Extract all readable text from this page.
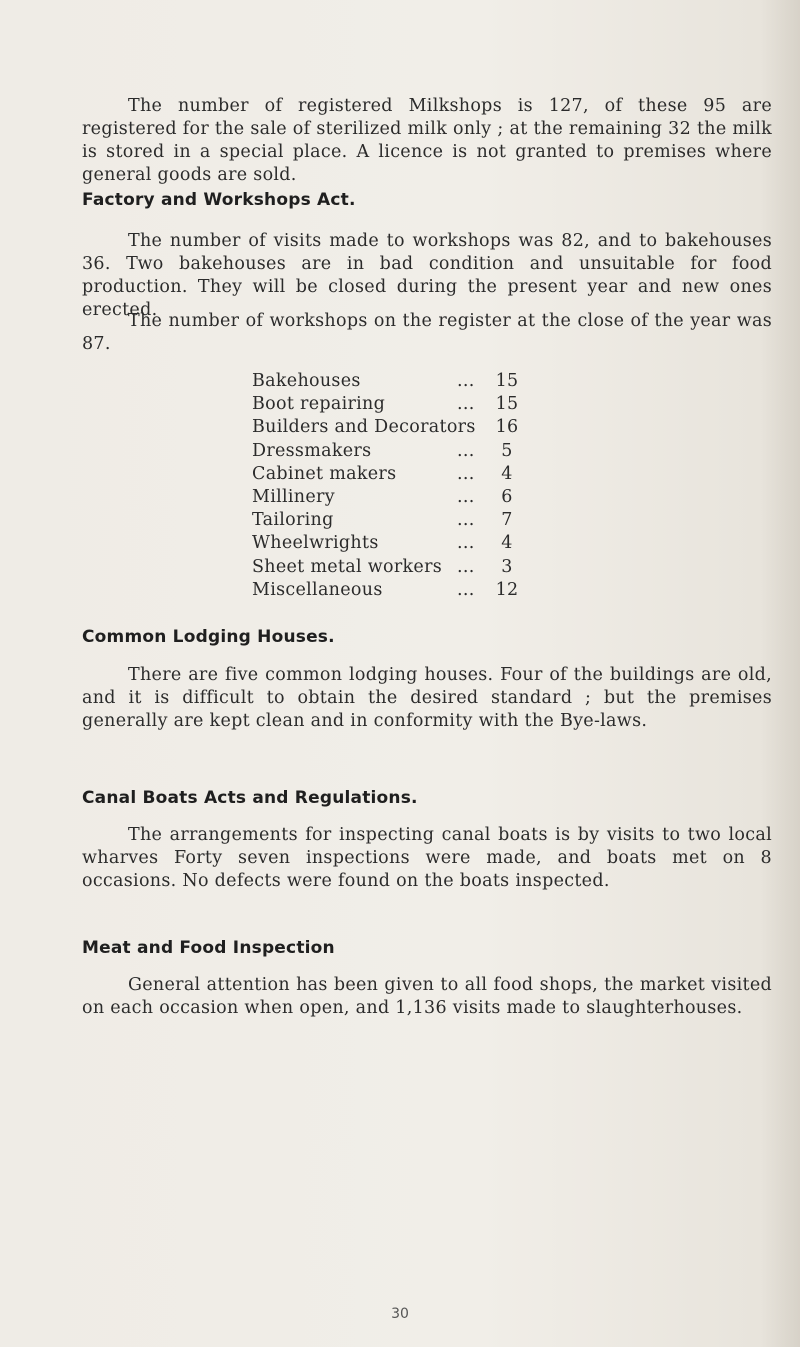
The number of registered Milkshops is 127, of these 95 are registered for the sale of sterilized milk only ; at the remaining 32 the milk is stored in a special place. A licence is not granted to premises where general goods are sold.

Factory and Workshops Act.

The number of visits made to workshops was 82, and to bakehouses 36. Two bakehouses are in bad condition and unsuitable for food production. They will be closed during the present year and new ones erected.

The number of workshops on the register at the close of the year was 87.

Bakehouses	... 15
Boot repairing	... 15
Builders and Decorators 16
Dressmakers	...	5
Cabinet makers	...	4
Millinery	...	6
Tailoring	...	7
Wheelwrights	...	4
Sheet metal workers ...	3
Miscellaneous	... 12
Common Lodging Houses.

There are five common lodging houses. Four of the buildings are old, and it is difficult to obtain the desired standard ; but the premises generally are kept clean and in conformity with the Bye-laws.

Canal Boats Acts and Regulations.

The arrangements for inspecting canal boats is by visits to two local wharves Forty seven inspections were made, and boats met on 8 occasions. No defects were found on the boats inspected.

Meat and Food Inspection

General attention has been given to all food shops, the market visited on each occasion when open, and 1,136 visits made to slaughterhouses.

30
